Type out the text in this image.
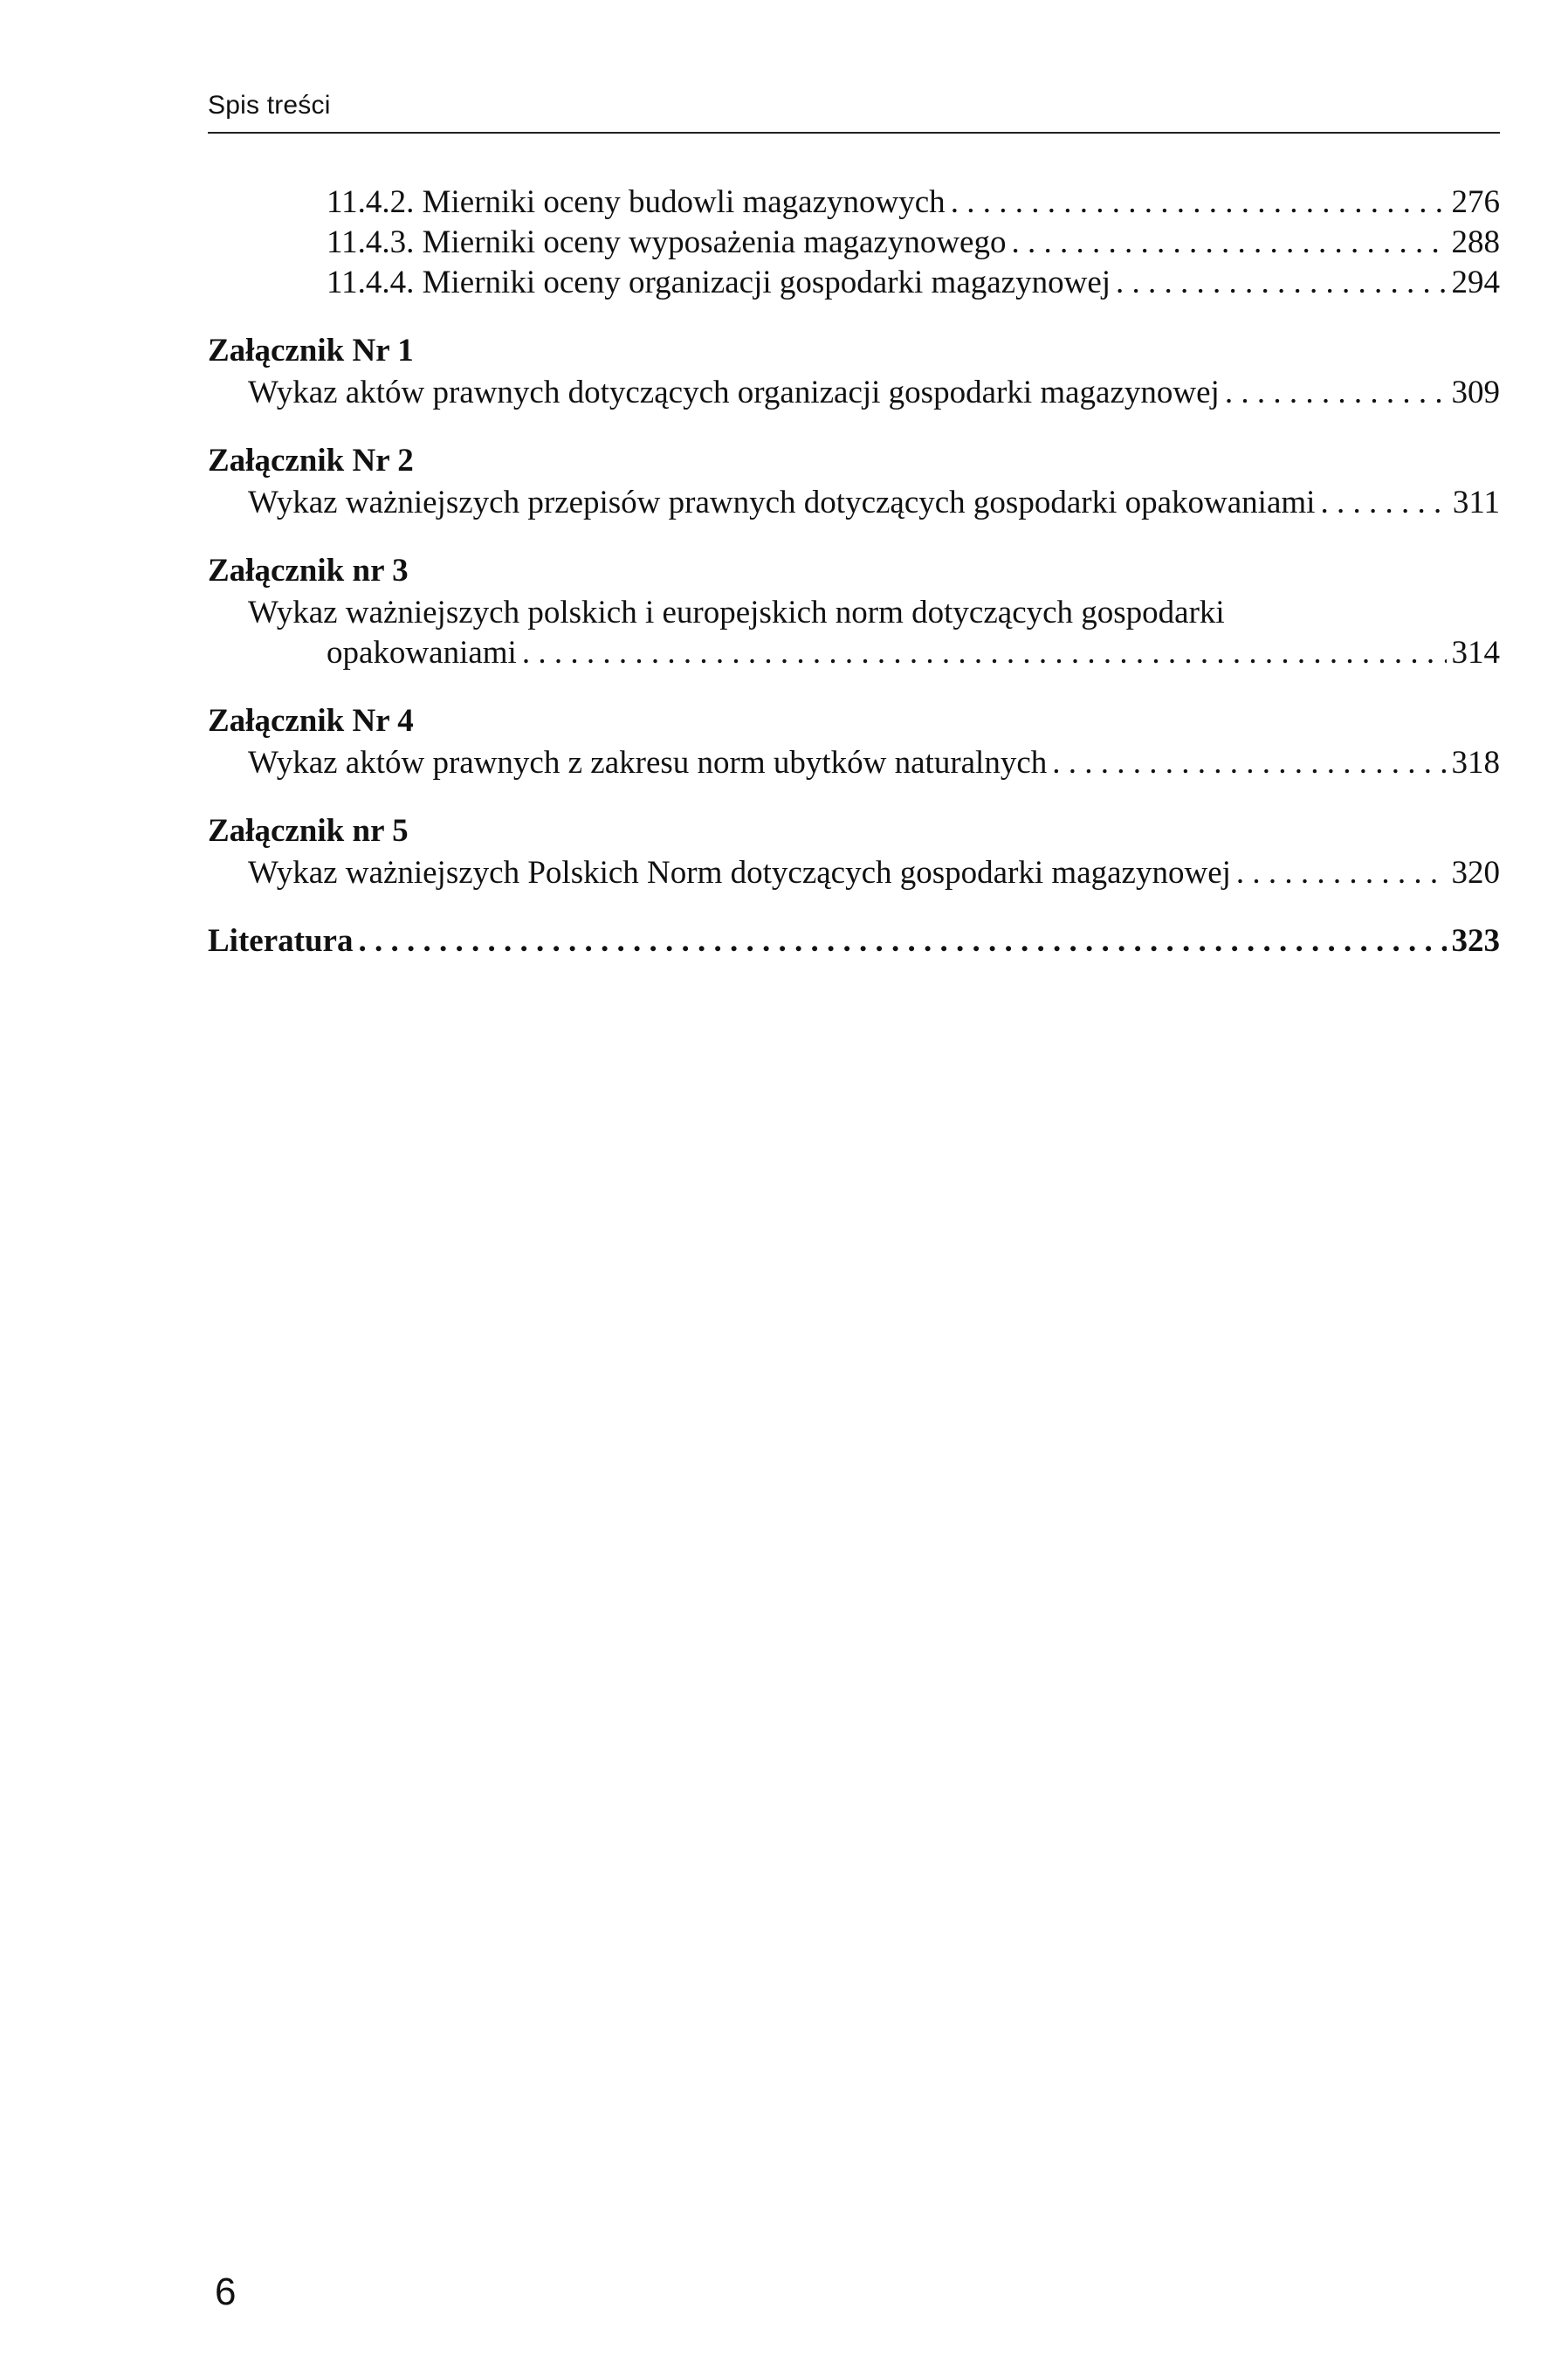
Spis treści
11.4.2. Mierniki oceny budowli magazynowych . . .	276
11.4.3. Mierniki oceny wyposażenia magazynowego . . .	288
11.4.4. Mierniki oceny organizacji gospodarki magazynowej . . .	294
Załącznik Nr 1
Wykaz aktów prawnych dotyczących organizacji gospodarki magazynowej . . .	309
Załącznik Nr 2
Wykaz ważniejszych przepisów prawnych dotyczących gospodarki opakowaniami . . .	311
Załącznik nr 3
Wykaz ważniejszych polskich i europejskich norm dotyczących gospodarki
opakowaniami . . .	314
Załącznik Nr 4
Wykaz aktów prawnych z zakresu norm ubytków naturalnych . . .	318
Załącznik nr 5
Wykaz ważniejszych Polskich Norm dotyczących gospodarki magazynowej . . .	320
Literatura . . .	323
6
